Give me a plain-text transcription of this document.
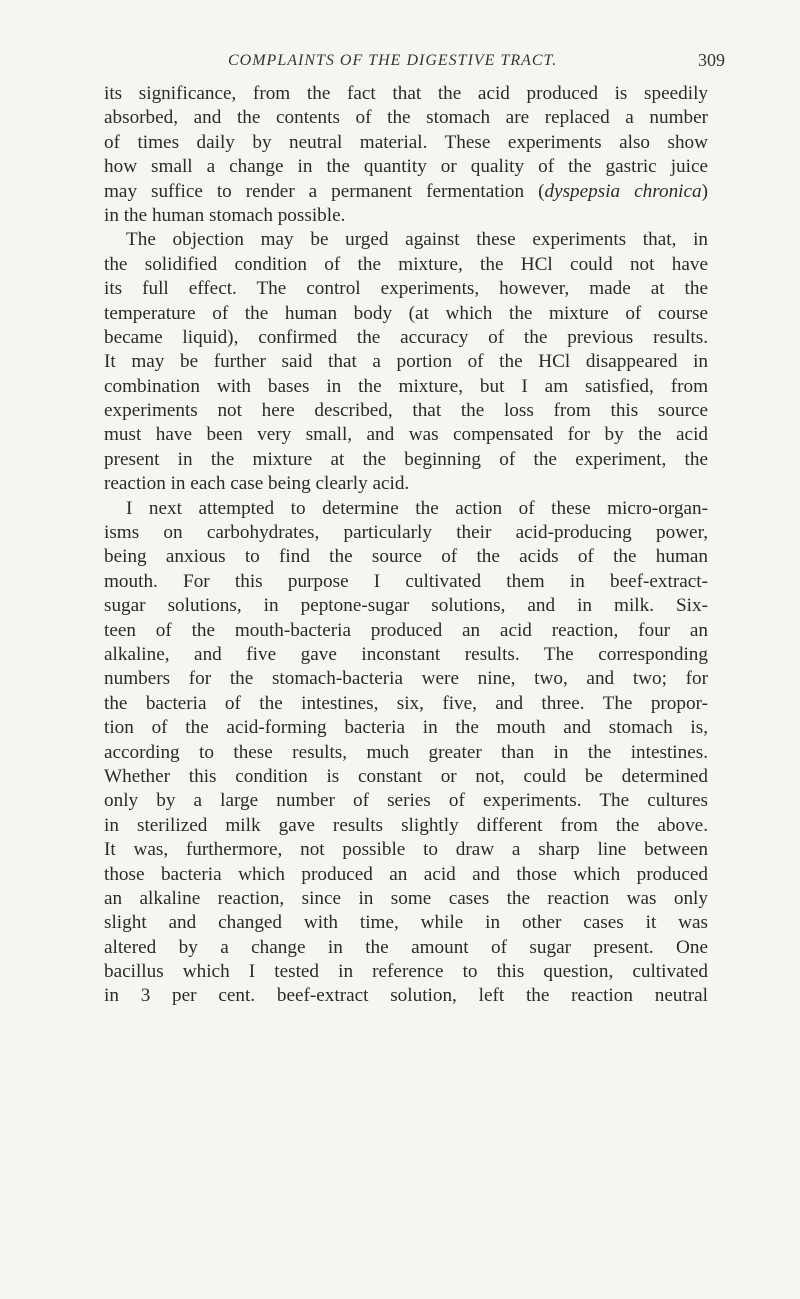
COMPLAINTS OF THE DIGESTIVE TRACT.	309
its significance, from the fact that the acid produced is speedily
absorbed, and the contents of the stomach are replaced a number
of times daily by neutral material. These experiments also show
how small a change in the quantity or quality of the gastric juice
may suffice to render a permanent fermentation (dyspepsia chronica)
in the human stomach possible.
The objection may be urged against these experiments that, in
the solidified condition of the mixture, the HCl could not have
its full effect. The control experiments, however, made at the
temperature of the human body (at which the mixture of course
became liquid), confirmed the accuracy of the previous results.
It may be further said that a portion of the HCl disappeared in
combination with bases in the mixture, but I am satisfied, from
experiments not here described, that the loss from this source
must have been very small, and was compensated for by the acid
present in the mixture at the beginning of the experiment, the
reaction in each case being clearly acid.
I next attempted to determine the action of these micro-organ-
isms on carbohydrates, particularly their acid-producing power,
being anxious to find the source of the acids of the human
mouth. For this purpose I cultivated them in beef-extract-
sugar solutions, in peptone-sugar solutions, and in milk. Six-
teen of the mouth-bacteria produced an acid reaction, four an
alkaline, and five gave inconstant results. The corresponding
numbers for the stomach-bacteria were nine, two, and two; for
the bacteria of the intestines, six, five, and three. The propor-
tion of the acid-forming bacteria in the mouth and stomach is,
according to these results, much greater than in the intestines.
Whether this condition is constant or not, could be determined
only by a large number of series of experiments. The cultures
in sterilized milk gave results slightly different from the above.
It was, furthermore, not possible to draw a sharp line between
those bacteria which produced an acid and those which produced
an alkaline reaction, since in some cases the reaction was only
slight and changed with time, while in other cases it was
altered by a change in the amount of sugar present. One
bacillus which I tested in reference to this question, cultivated
in 3 per cent. beef-extract solution, left the reaction neutral
